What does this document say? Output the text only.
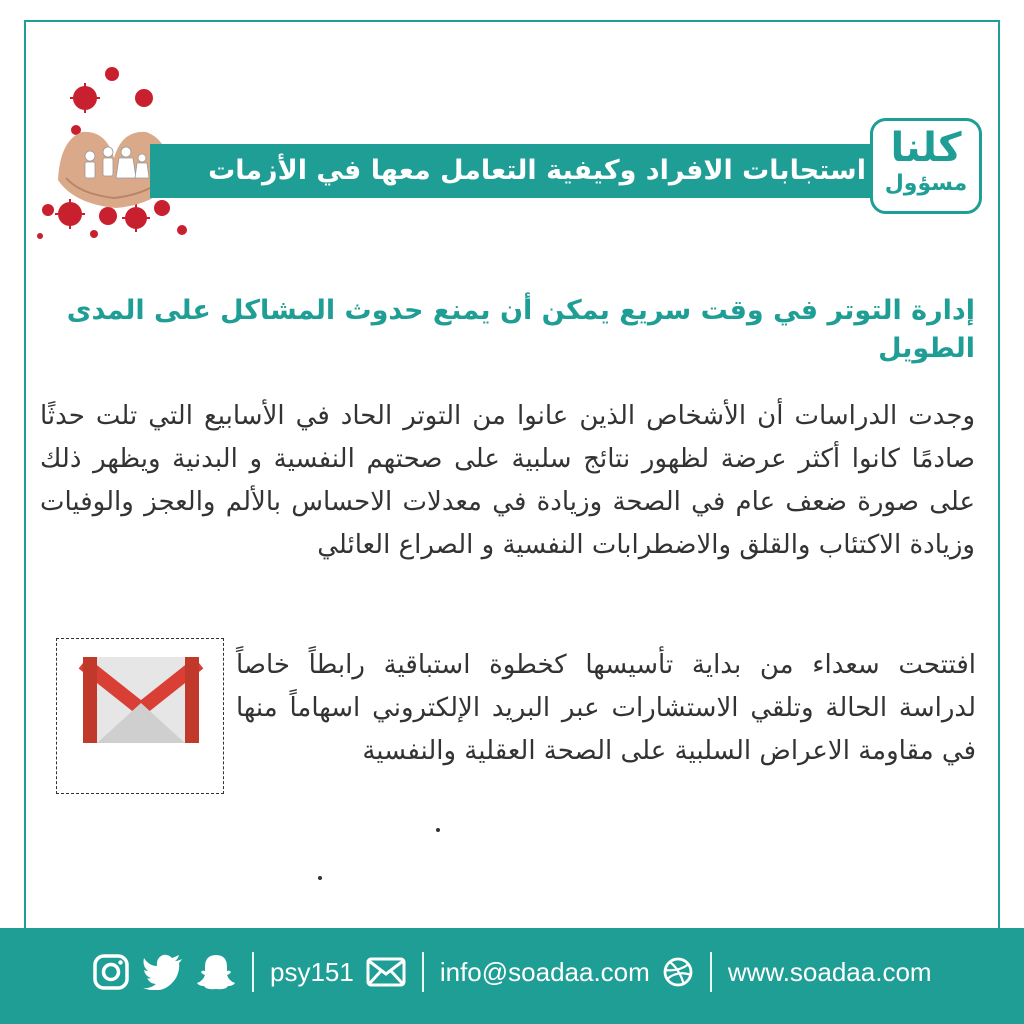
استجابات الافراد وكيفية التعامل معها في الأزمات كلنا
مسؤول
إدارة التوتر في وقت سريع يمكن أن يمنع حدوث المشاكل على المدى الطويل
وجدت الدراسات أن الأشخاص الذين عانوا من التوتر الحاد في الأسابيع التي تلت حدثًا صادمًا كانوا أكثر عرضة لظهور نتائج سلبية على صحتهم النفسية و البدنية ويظهر ذلك على صورة ضعف عام في الصحة وزيادة في معدلات الاحساس بالألم والعجز والوفيات وزيادة الاكتئاب والقلق والاضطرابات النفسية و الصراع العائلي
افتتحت سعداء من بداية تأسيسها كخطوة استباقية رابطاً خاصاً لدراسة الحالة وتلقي الاستشارات عبر البريد الإلكتروني اسهاماً منها في مقاومة الاعراض السلبية على الصحة العقلية والنفسية
psy151	info@soadaa.com	www.soadaa.com
